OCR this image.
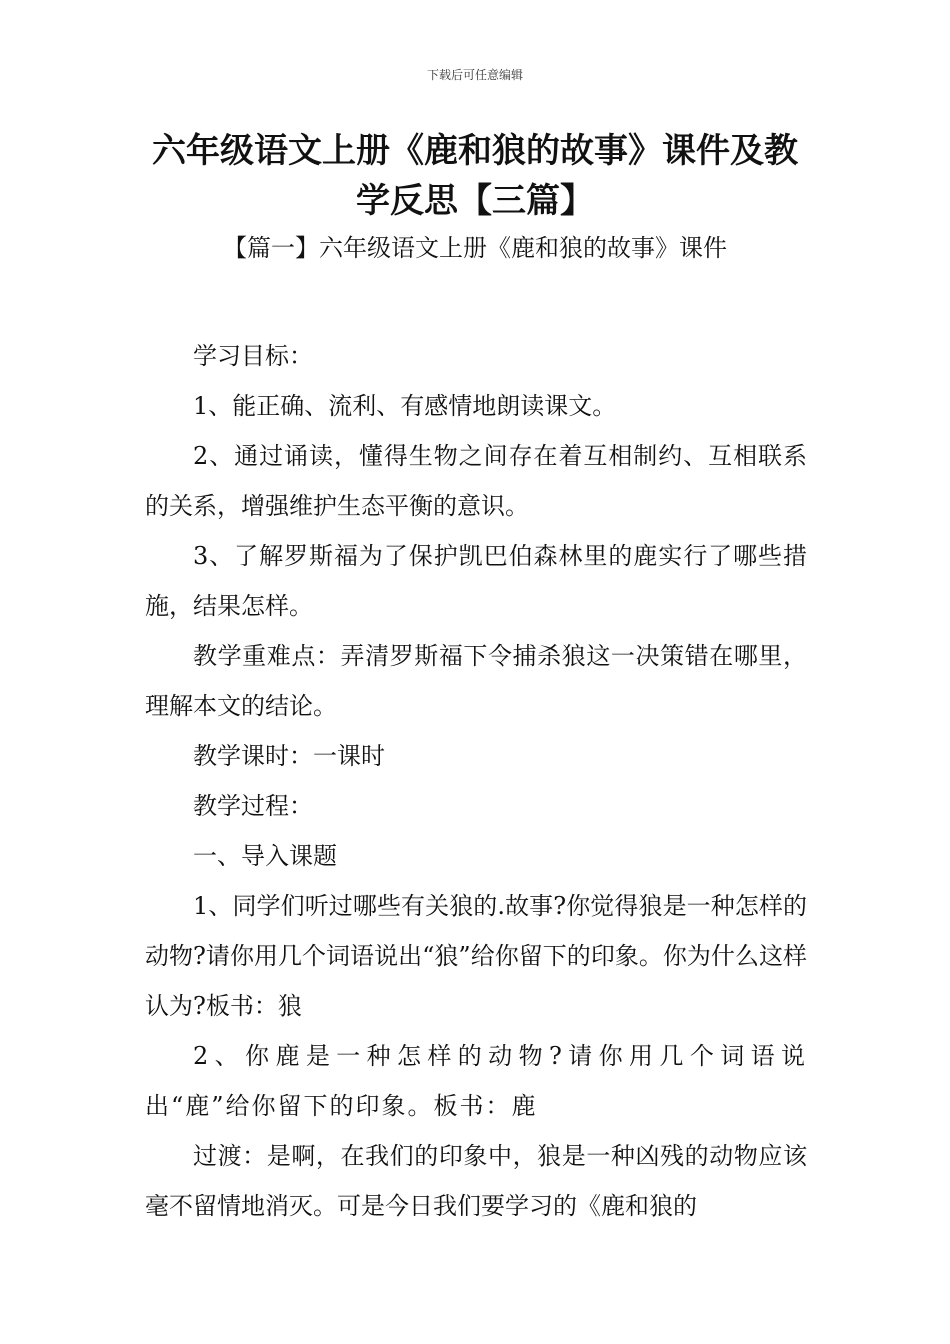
下载后可任意编辑
六年级语文上册《鹿和狼的故事》课件及教学反思【三篇】
【篇一】六年级语文上册《鹿和狼的故事》课件

学习目标：

1、能正确、流利、有感情地朗读课文。

2、通过诵读，懂得生物之间存在着互相制约、互相联系的关系，增强维护生态平衡的意识。

3、了解罗斯福为了保护凯巴伯森林里的鹿实行了哪些措施，结果怎样。

教学重难点：弄清罗斯福下令捕杀狼这一决策错在哪里，理解本文的结论。

教学课时：一课时

教学过程：

一、导入课题

1、同学们听过哪些有关狼的.故事?你觉得狼是一种怎样的动物?请你用几个词语说出“狼”给你留下的印象。你为什么这样认为?板书：狼

2、你鹿是一种怎样的动物?请你用几个词语说出“鹿”给你留下的印象。板书：鹿

过渡：是啊，在我们的印象中，狼是一种凶残的动物应该毫不留情地消灭。可是今日我们要学习的《鹿和狼的
